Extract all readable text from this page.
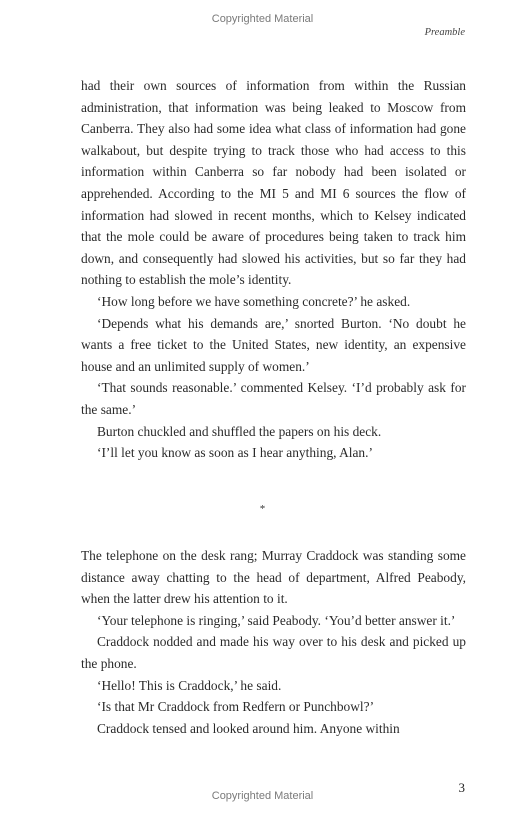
Copyrighted Material
Preamble

had their own sources of information from within the Russian administration, that information was being leaked to Moscow from Canberra. They also had some idea what class of information had gone walkabout, but despite trying to track those who had access to this information within Canberra so far nobody had been isolated or apprehended. According to the MI 5 and MI 6 sources the flow of information had slowed in recent months, which to Kelsey indicated that the mole could be aware of procedures being taken to track him down, and consequently had slowed his activities, but so far they had nothing to establish the mole’s identity.

‘How long before we have something concrete?’ he asked.

‘Depends what his demands are,’ snorted Burton. ‘No doubt he wants a free ticket to the United States, new identity, an expensive house and an unlimited supply of women.’

‘That sounds reasonable.’ commented Kelsey. ‘I’d probably ask for the same.’

Burton chuckled and shuffled the papers on his deck.

‘I’ll let you know as soon as I hear anything, Alan.’

*

The telephone on the desk rang; Murray Craddock was standing some distance away chatting to the head of department, Alfred Peabody, when the latter drew his attention to it.

‘Your telephone is ringing,’ said Peabody. ‘You’d better answer it.’

Craddock nodded and made his way over to his desk and picked up the phone.

‘Hello! This is Craddock,’ he said.

‘Is that Mr Craddock from Redfern or Punchbowl?’

Craddock tensed and looked around him. Anyone within

3
Copyrighted Material
